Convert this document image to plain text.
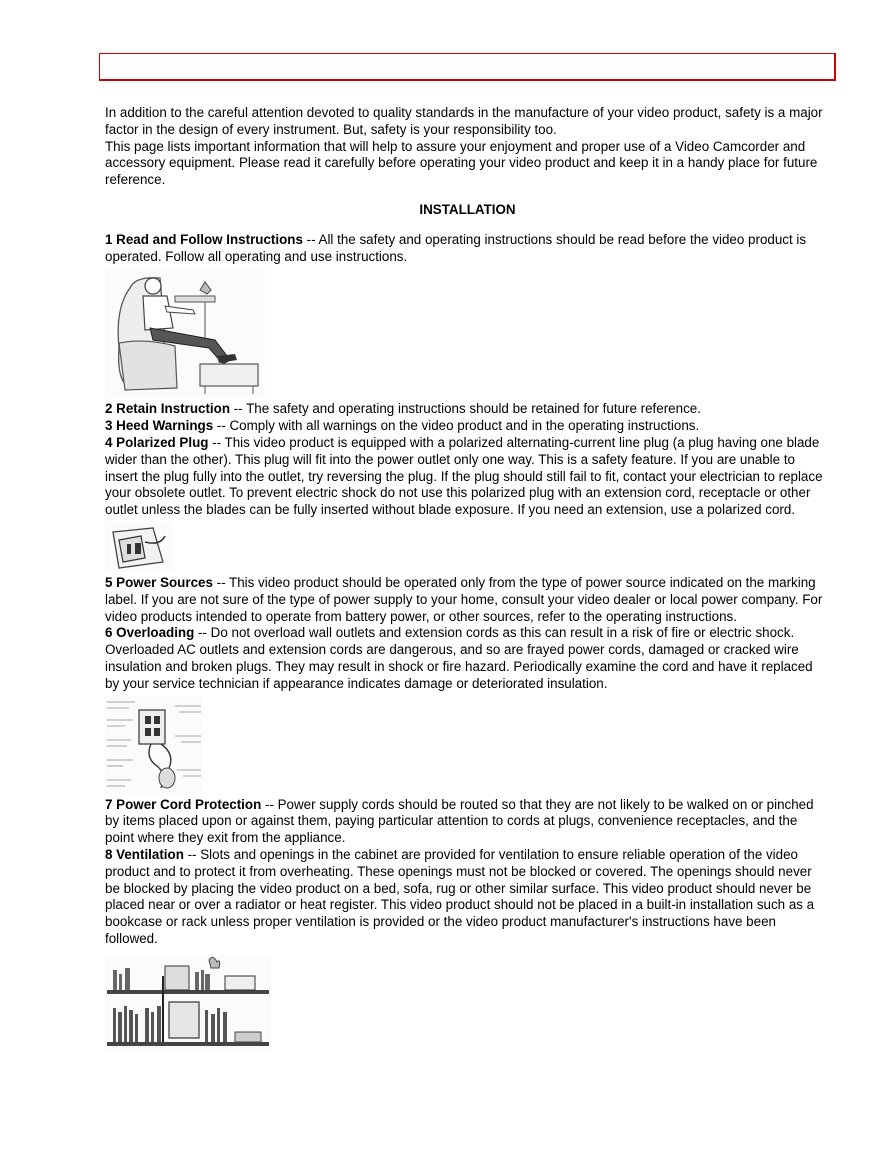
In addition to the careful attention devoted to quality standards in the manufacture of your video product, safety is a major factor in the design of every instrument. But, safety is your responsibility too.

This page lists important information that will help to assure your enjoyment and proper use of a Video Camcorder and accessory equipment. Please read it carefully before operating your video product and keep it in a handy place for future reference.

INSTALLATION

1 Read and Follow Instructions -- All the safety and operating instructions should be read before the video product is operated. Follow all operating and use instructions.

2 Retain Instruction -- The safety and operating instructions should be retained for future reference.

3 Heed Warnings -- Comply with all warnings on the video product and in the operating instructions.

4 Polarized Plug -- This video product is equipped with a polarized alternating-current line plug (a plug having one blade wider than the other). This plug will fit into the power outlet only one way. This is a safety feature. If you are unable to insert the plug fully into the outlet, try reversing the plug. If the plug should still fail to fit, contact your electrician to replace your obsolete outlet. To prevent electric shock do not use this polarized plug with an extension cord, receptacle or other outlet unless the blades can be fully inserted without blade exposure. If you need an extension, use a polarized cord.

5 Power Sources -- This video product should be operated only from the type of power source indicated on the marking label. If you are not sure of the type of power supply to your home, consult your video dealer or local power company. For video products intended to operate from battery power, or other sources, refer to the operating instructions.

6 Overloading -- Do not overload wall outlets and extension cords as this can result in a risk of fire or electric shock. Overloaded AC outlets and extension cords are dangerous, and so are frayed power cords, damaged or cracked wire insulation and broken plugs. They may result in shock or fire hazard. Periodically examine the cord and have it replaced by your service technician if appearance indicates damage or deteriorated insulation.

7 Power Cord Protection -- Power supply cords should be routed so that they are not likely to be walked on or pinched by items placed upon or against them, paying particular attention to cords at plugs, convenience receptacles, and the point where they exit from the appliance.

8 Ventilation -- Slots and openings in the cabinet are provided for ventilation to ensure reliable operation of the video product and to protect it from overheating. These openings must not be blocked or covered. The openings should never be blocked by placing the video product on a bed, sofa, rug or other similar surface. This video product should never be placed near or over a radiator or heat register. This video product should not be placed in a built-in installation such as a bookcase or rack unless proper ventilation is provided or the video product manufacturer's instructions have been followed.
